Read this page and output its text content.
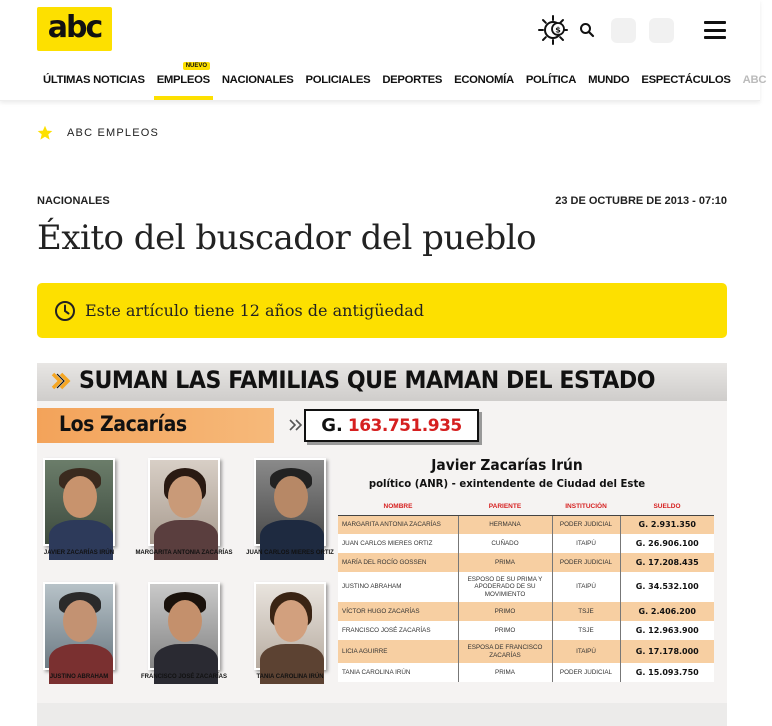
abc	$
ÚLTIMAS NOTICIAS
NUEVO
EMPLEOS	NACIONALES	POLICIALES	DEPORTES	ECONOMÍA	POLÍTICA	MUNDO	ESPECTÁCULOS	ABC
ABC EMPLEOS
NACIONALES	23 DE OCTUBRE DE 2013 - 07:10
Éxito del buscador del pueblo
Este artículo tiene 12 años de antigüedad
SUMAN LAS FAMILIAS QUE MAMAN DEL ESTADO
Los Zacarías	G. 163.751.935
JAVIER ZACARÍAS IRÚN	MARGARITA ANTONIA ZACARÍAS	JUAN CARLOS MIERES ORTIZ
JUSTINO ABRAHAM	FRANCISCO JOSÉ ZACARÍAS	TANIA CAROLINA IRÚN
Javier Zacarías Irún
político (ANR) - exintendente de Ciudad del Este
NOMBRE	PARIENTE	INSTITUCIÓN	SUELDO
MARGARITA ANTONIA ZACARÍAS	HERMANA	PODER JUDICIAL	G. 2.931.350
JUAN CARLOS MIERES ORTIZ	CUÑADO	ITAIPÚ	G. 26.906.100
MARÍA DEL ROCÍO GOSSEN	PRIMA	PODER JUDICIAL	G. 17.208.435
JUSTINO ABRAHAM	ESPOSO DE SU PRIMA Y APODERADO DE SU MOVIMIENTO	ITAIPÚ	G. 34.532.100
VÍCTOR HUGO ZACARÍAS	PRIMO	TSJE	G. 2.406.200
FRANCISCO JOSÉ ZACARÍAS	PRIMO	TSJE	G. 12.963.900
LICIA AGUIRRE	ESPOSA DE FRANCISCO ZACARÍAS	ITAIPÚ	G. 17.178.000
TANIA CAROLINA IRÚN	PRIMA	PODER JUDICIAL	G. 15.093.750
